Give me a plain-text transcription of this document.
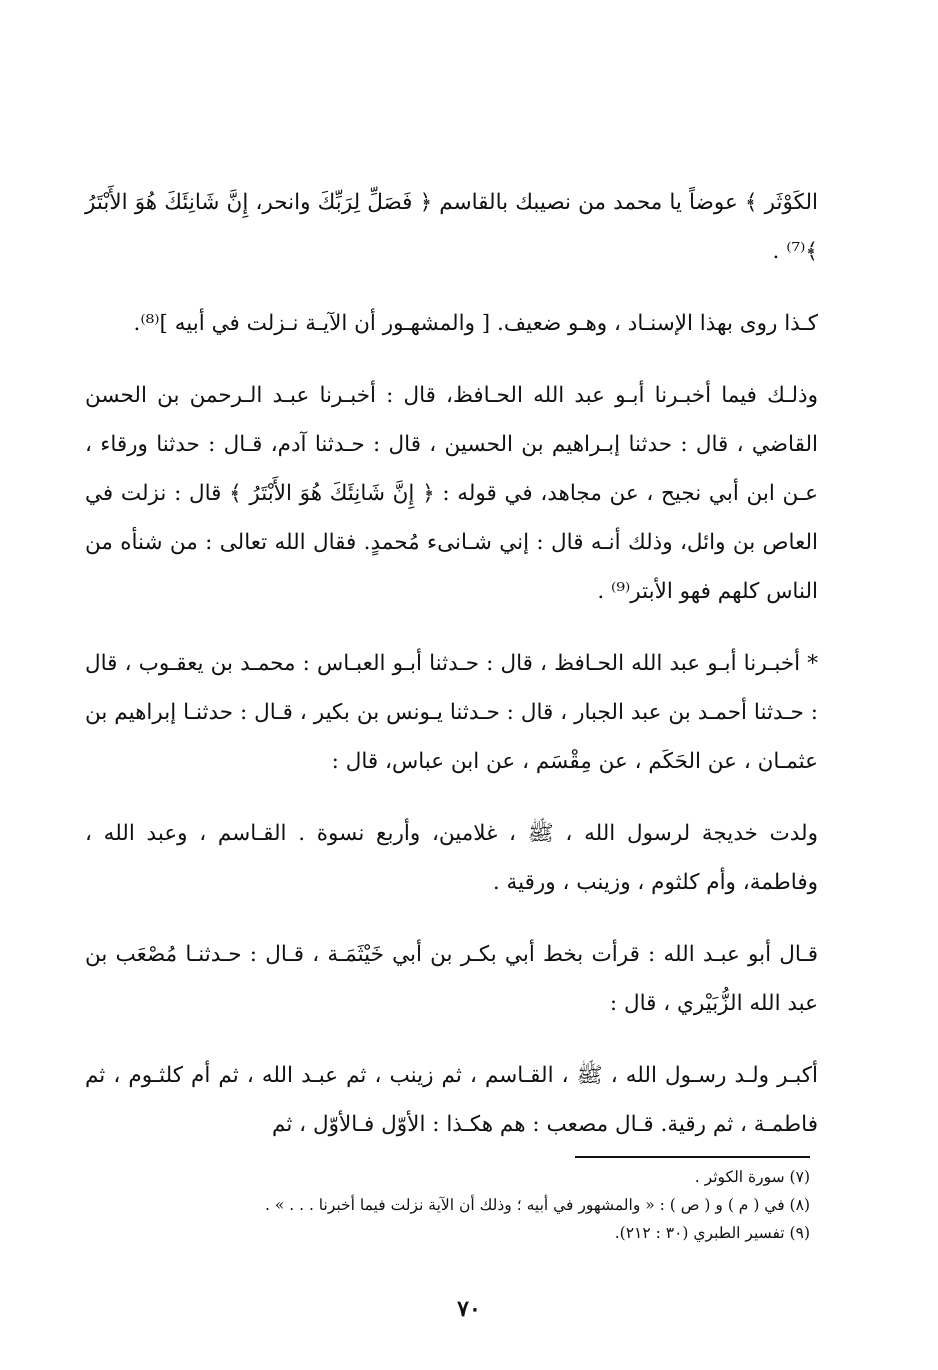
الكَوْثَر ﴾ عوضاً يا محمد من نصيبك بالقاسم ﴿ فَصَلِّ لِرَبِّكَ وانحر، إِنَّ شَانِئَكَ هُوَ الأَبْتَرُ ﴾⁽⁷⁾ .

كـذا روى بهذا الإسنـاد ، وهـو ضعيف. [ والمشهـور أن الآيـة نـزلت في أبيه ]⁽⁸⁾.

وذلـك فيما أخبـرنا أبـو عبد الله الحـافظ، قال : أخبـرنا عبـد الـرحمن بن الحسن القاضي ، قال : حدثنا إبـراهيم بن الحسين ، قال : حـدثنا آدم، قـال : حدثنا ورقاء ، عـن ابن أبي نجيح ، عن مجاهد، في قوله : ﴿ إِنَّ شَانِئَكَ هُوَ الأَبْتَرُ ﴾ قال : نزلت في العاص بن وائل، وذلك أنـه قال : إني شـانىء مُحمدٍ. فقال الله تعالى : من شنأه من الناس كلهم فهو الأبتر⁽⁹⁾ .

* أخبـرنا أبـو عبد الله الحـافظ ، قال : حـدثنا أبـو العبـاس : محمـد بن يعقـوب ، قال : حـدثنا أحمـد بن عبد الجبار ، قال : حـدثنا يـونس بن بكير ، قـال : حدثنـا إبراهيم بن عثمـان ، عن الحَكَم ، عن مِقْسَم ، عن ابن عباس، قال :

ولدت خديجة لرسول الله ، ﷺ ، غلامين، وأربع نسوة . القـاسم ، وعبد الله ، وفاطمة، وأم كلثوم ، وزينب ، ورقية .

قـال أبو عبـد الله : قرأت بخط أبي بكـر بن أبي خَيْثَمَـة ، قـال : حـدثنـا مُصْعَب بن عبد الله الزُّبَيْري ، قال :

أكبـر ولـد رسـول الله ، ﷺ ، القـاسم ، ثم زينب ، ثم عبـد الله ، ثم أم كلثـوم ، ثم فاطمـة ، ثم رقية. قـال مصعب : هم هكـذا : الأوّل فـالأوّل ، ثم

(٧) سورة الكوثر .

(٨) في ( م ) و ( ص ) : « والمشهور في أبيه ؛ وذلك أن الآية نزلت فيما أخبرنا . . . » .

(٩) تفسير الطبري (٣٠ : ٢١٢).

٧٠
